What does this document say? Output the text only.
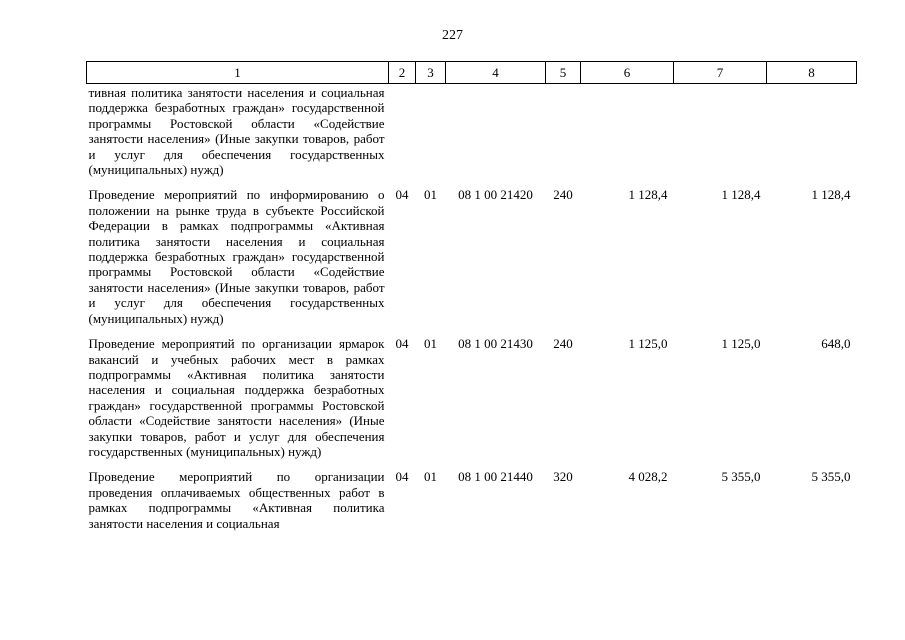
227
1	2	3	4	5	6	7	8
тивная политика занятости населения и социальная поддержка безработных граждан» государственной программы Ростовской области «Содействие занятости населения» (Иные закупки товаров, работ и услуг для обеспечения государственных (муниципальных) нужд)							
Проведение мероприятий по информированию о положении на рынке труда в субъекте Российской Федерации в рамках подпрограммы «Активная политика занятости населения и социальная поддержка безработных граждан» государственной программы Ростовской области «Содействие занятости населения» (Иные закупки товаров, работ и услуг для обеспечения государственных (муниципальных) нужд)	04	01	08 1 00 21420	240	1 128,4	1 128,4	1 128,4
Проведение мероприятий по организации ярмарок вакансий и учебных рабочих мест в рамках подпрограммы «Активная политика занятости населения и социальная поддержка безработных граждан» государственной программы Ростовской области «Содействие занятости населения» (Иные закупки товаров, работ и услуг для обеспечения государственных (муниципальных) нужд)	04	01	08 1 00 21430	240	1 125,0	1 125,0	648,0
Проведение мероприятий по организации проведения оплачиваемых общественных работ в рамках подпрограммы «Активная политика занятости населения и социальная	04	01	08 1 00 21440	320	4 028,2	5 355,0	5 355,0
